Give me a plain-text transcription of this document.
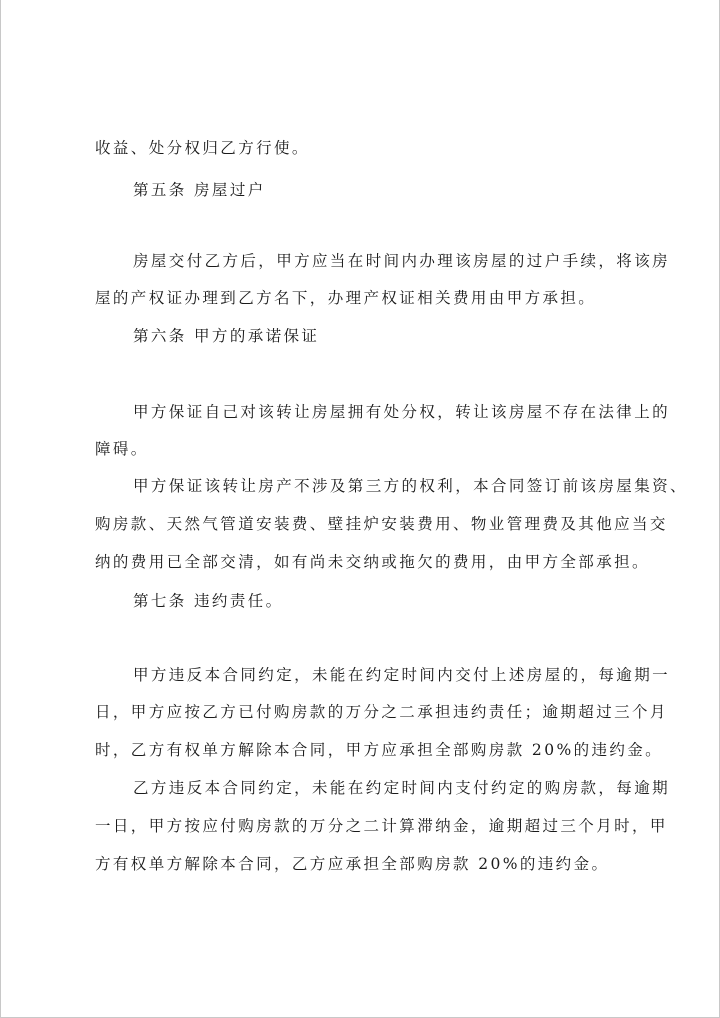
收益、处分权归乙方行使。
第五条 房屋过户
房屋交付乙方后，甲方应当在时间内办理该房屋的过户手续，将该房
屋的产权证办理到乙方名下，办理产权证相关费用由甲方承担。
第六条 甲方的承诺保证
甲方保证自己对该转让房屋拥有处分权，转让该房屋不存在法律上的
障碍。
甲方保证该转让房产不涉及第三方的权利，本合同签订前该房屋集资、
购房款、天然气管道安装费、壁挂炉安装费用、物业管理费及其他应当交
纳的费用已全部交清，如有尚未交纳或拖欠的费用，由甲方全部承担。
第七条 违约责任。
甲方违反本合同约定，未能在约定时间内交付上述房屋的，每逾期一
日，甲方应按乙方已付购房款的万分之二承担违约责任；逾期超过三个月
时，乙方有权单方解除本合同，甲方应承担全部购房款 20%的违约金。
乙方违反本合同约定，未能在约定时间内支付约定的购房款，每逾期
一日，甲方按应付购房款的万分之二计算滞纳金，逾期超过三个月时，甲
方有权单方解除本合同，乙方应承担全部购房款 20%的违约金。
